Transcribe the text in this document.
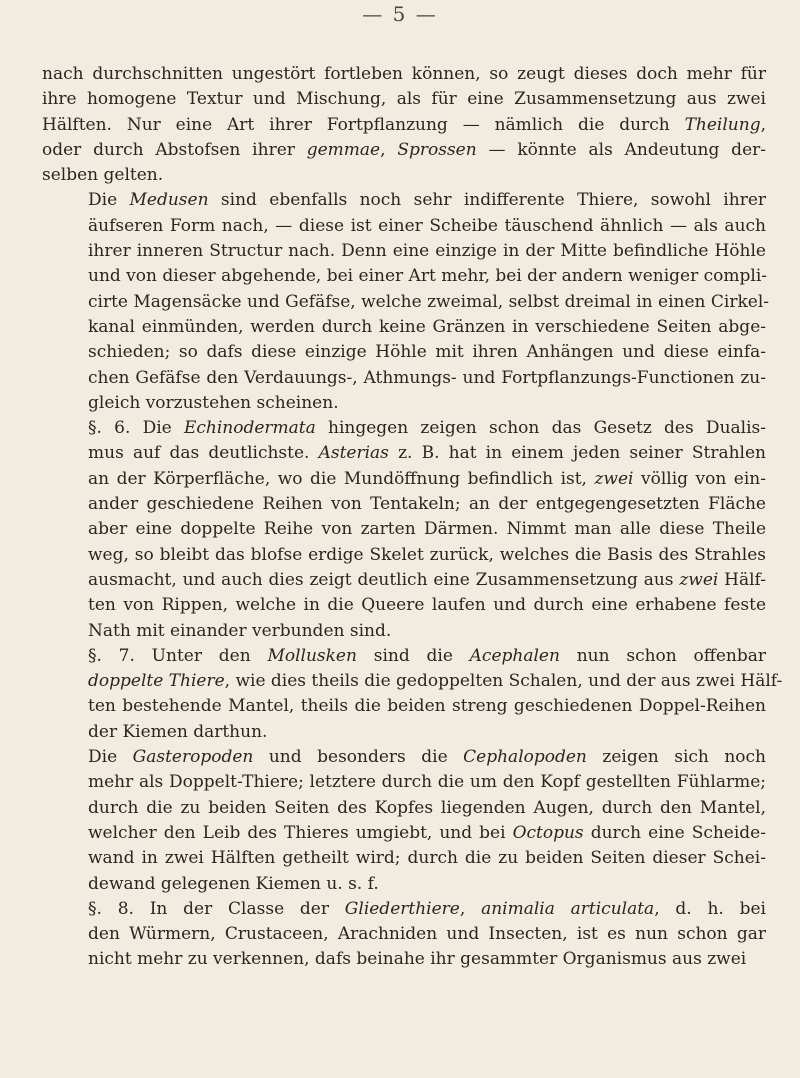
— 5 —

nach durchschnitten ungestört fortleben können, so zeugt dieses doch mehr für
ihre homogene Textur und Mischung, als für eine Zusammensetzung aus zwei
Hälften. Nur eine Art ihrer Fortpflanzung — nämlich die durch Theilung,
oder durch Abstofsen ihrer gemmae, Sprossen — könnte als Andeutung der-
selben gelten.

Die Medusen sind ebenfalls noch sehr indifferente Thiere, sowohl ihrer
äufseren Form nach, — diese ist einer Scheibe täuschend ähnlich — als auch
ihrer inneren Structur nach. Denn eine einzige in der Mitte befindliche Höhle
und von dieser abgehende, bei einer Art mehr, bei der andern weniger compli-
cirte Magensäcke und Gefäfse, welche zweimal, selbst dreimal in einen Cirkel-
kanal einmünden, werden durch keine Gränzen in verschiedene Seiten abge-
schieden; so dafs diese einzige Höhle mit ihren Anhängen und diese einfa-
chen Gefäfse den Verdauungs-, Athmungs- und Fortpflanzungs-Functionen zu-
gleich vorzustehen scheinen.

§. 6. Die Echinodermata hingegen zeigen schon das Gesetz des Dualis-
mus auf das deutlichste. Asterias z. B. hat in einem jeden seiner Strahlen
an der Körperfläche, wo die Mundöffnung befindlich ist, zwei völlig von ein-
ander geschiedene Reihen von Tentakeln; an der entgegengesetzten Fläche
aber eine doppelte Reihe von zarten Därmen. Nimmt man alle diese Theile
weg, so bleibt das blofse erdige Skelet zurück, welches die Basis des Strahles
ausmacht, und auch dies zeigt deutlich eine Zusammensetzung aus zwei Hälf-
ten von Rippen, welche in die Queere laufen und durch eine erhabene feste
Nath mit einander verbunden sind.

§. 7. Unter den Mollusken sind die Acephalen nun schon offenbar
doppelte Thiere, wie dies theils die gedoppelten Schalen, und der aus zwei Hälf-
ten bestehende Mantel, theils die beiden streng geschiedenen Doppel-Reihen
der Kiemen darthun.

Die Gasteropoden und besonders die Cephalopoden zeigen sich noch
mehr als Doppelt-Thiere; letztere durch die um den Kopf gestellten Fühlarme;
durch die zu beiden Seiten des Kopfes liegenden Augen, durch den Mantel,
welcher den Leib des Thieres umgiebt, und bei Octopus durch eine Scheide-
wand in zwei Hälften getheilt wird; durch die zu beiden Seiten dieser Schei-
dewand gelegenen Kiemen u. s. f.

§. 8. In der Classe der Gliederthiere, animalia articulata, d. h. bei
den Würmern, Crustaceen, Arachniden und Insecten, ist es nun schon gar
nicht mehr zu verkennen, dafs beinahe ihr gesammter Organismus aus zwei
